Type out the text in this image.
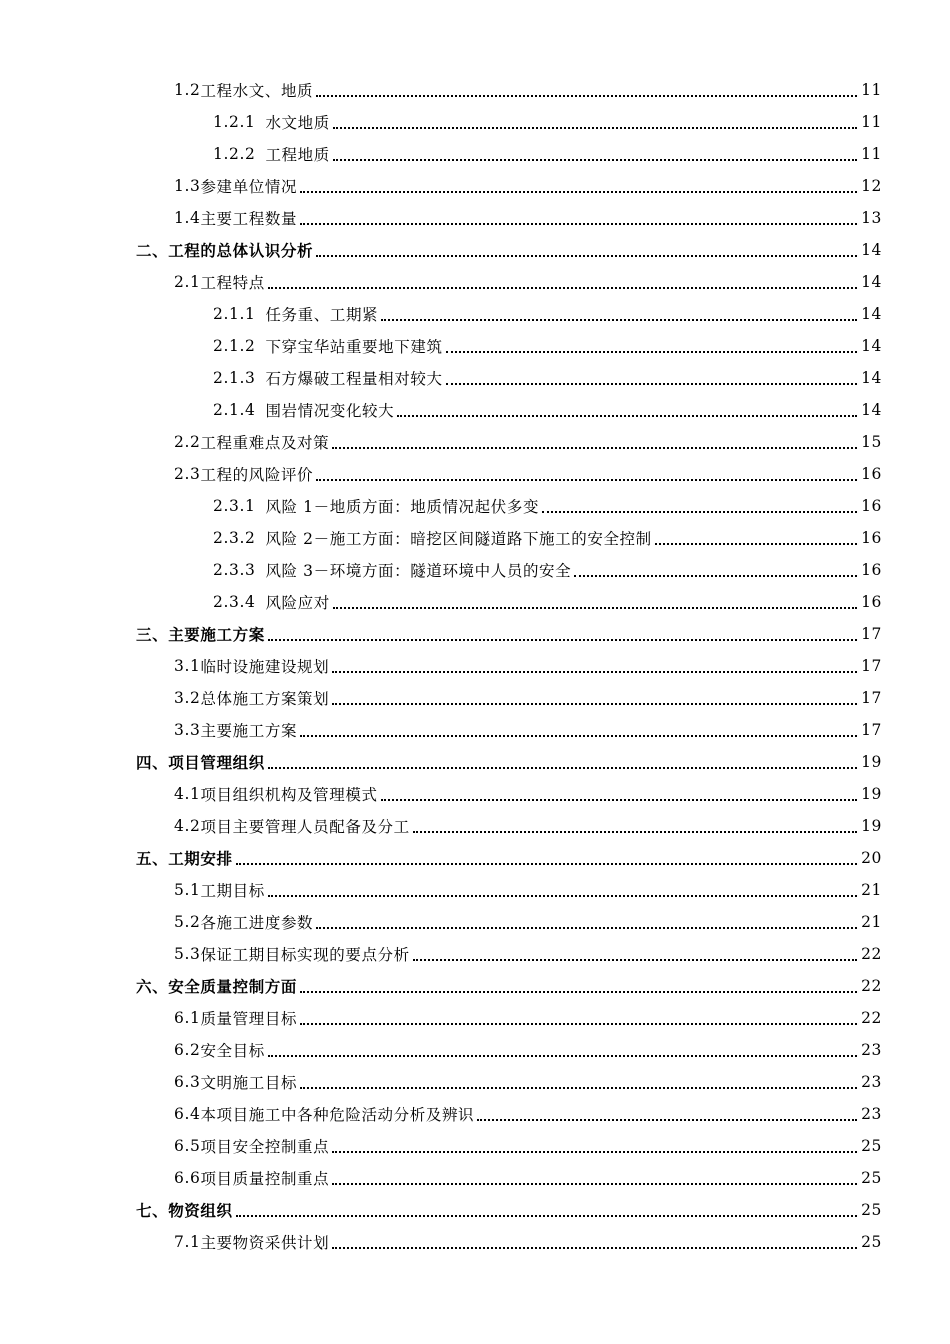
1.2 工程水文、地质	11
1.2.1 水文地质	11
1.2.2 工程地质	11
1.3 参建单位情况	12
1.4 主要工程数量	13
二、 工程的总体认识分析	14
2.1 工程特点	14
2.1.1 任务重、工期紧	14
2.1.2 下穿宝华站重要地下建筑	14
2.1.3 石方爆破工程量相对较大	14
2.1.4 围岩情况变化较大	14
2.2 工程重难点及对策	15
2.3 工程的风险评价	16
2.3.1 风险 1－地质方面：地质情况起伏多变	16
2.3.2 风险 2－施工方面：暗挖区间隧道路下施工的安全控制	16
2.3.3 风险 3－环境方面：隧道环境中人员的安全	16
2.3.4 风险应对	16
三、 主要施工方案	17
3.1 临时设施建设规划	17
3.2 总体施工方案策划	17
3.3 主要施工方案	17
四、 项目管理组织	19
4.1 项目组织机构及管理模式	19
4.2 项目主要管理人员配备及分工	19
五、 工期安排	20
5.1 工期目标	21
5.2 各施工进度参数	21
5.3 保证工期目标实现的要点分析	22
六、 安全质量控制方面	22
6.1 质量管理目标	22
6.2 安全目标	23
6.3 文明施工目标	23
6.4 本项目施工中各种危险活动分析及辨识	23
6.5 项目安全控制重点	25
6.6 项目质量控制重点	25
七、 物资组织	25
7.1 主要物资采供计划	25
